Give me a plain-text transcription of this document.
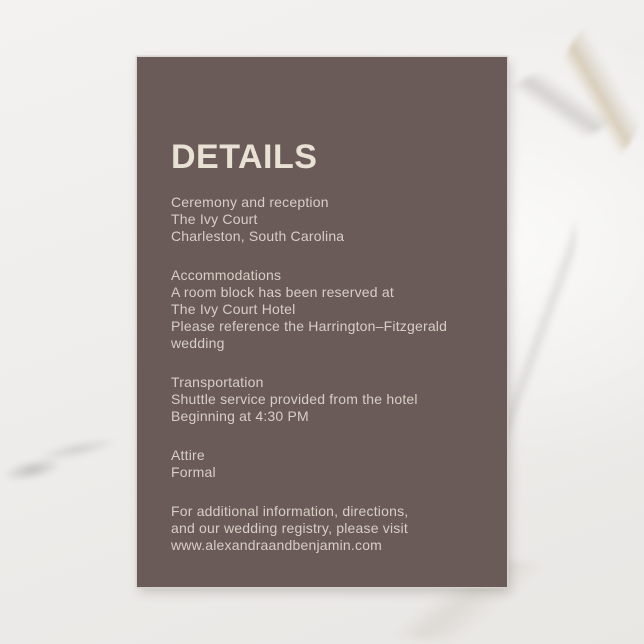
DETAILS
Ceremony and reception
The Ivy Court
Charleston, South Carolina
Accommodations
A room block has been reserved at
The Ivy Court Hotel
Please reference the Harrington–Fitzgerald
wedding
Transportation
Shuttle service provided from the hotel
Beginning at 4:30 PM
Attire
Formal
For additional information, directions,
and our wedding registry, please visit
www.alexandraandbenjamin.com
